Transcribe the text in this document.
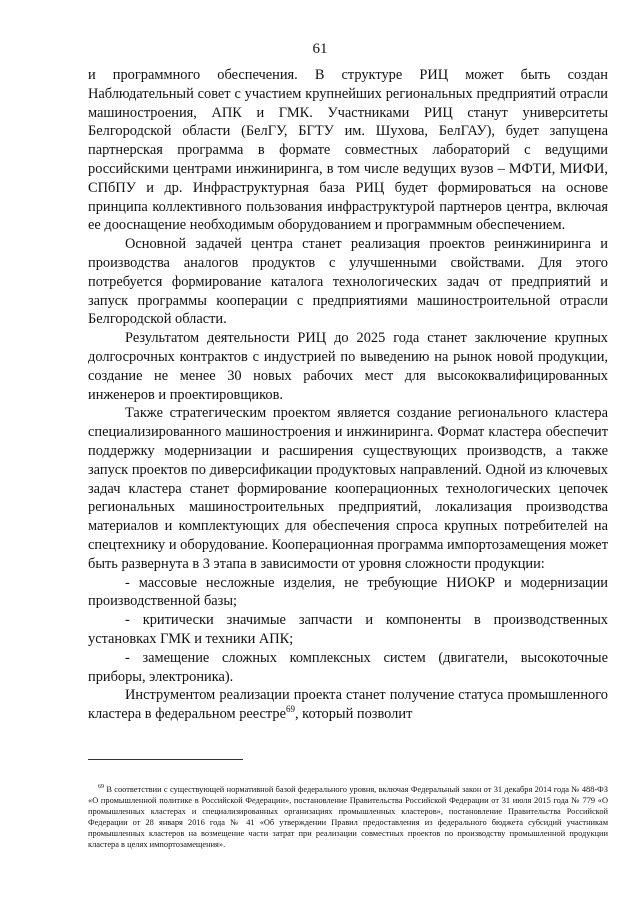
61

и программного обеспечения. В структуре РИЦ может быть создан Наблюдательный совет с участием крупнейших региональных предприятий отрасли машиностроения, АПК и ГМК. Участниками РИЦ станут университеты Белгородской области (БелГУ, БГТУ им. Шухова, БелГАУ), будет запущена партнерская программа в формате совместных лабораторий с ведущими российскими центрами инжиниринга, в том числе ведущих вузов – МФТИ, МИФИ, СПбПУ и др. Инфраструктурная база РИЦ будет формироваться на основе принципа коллективного пользования инфраструктурой партнеров центра, включая ее дооснащение необходимым оборудованием и программным обеспечением.

Основной задачей центра станет реализация проектов реинжиниринга и производства аналогов продуктов с улучшенными свойствами. Для этого потребуется формирование каталога технологических задач от предприятий и запуск программы кооперации с предприятиями машиностроительной отрасли Белгородской области.

Результатом деятельности РИЦ до 2025 года станет заключение крупных долгосрочных контрактов с индустрией по выведению на рынок новой продукции, создание не менее 30 новых рабочих мест для высококвалифицированных инженеров и проектировщиков.

Также стратегическим проектом является создание регионального кластера специализированного машиностроения и инжиниринга. Формат кластера обеспечит поддержку модернизации и расширения существующих производств, а также запуск проектов по диверсификации продуктовых направлений. Одной из ключевых задач кластера станет формирование кооперационных технологических цепочек региональных машиностроительных предприятий, локализация производства материалов и комплектующих для обеспечения спроса крупных потребителей на спецтехнику и оборудование. Кооперационная программа импортозамещения может быть развернута в 3 этапа в зависимости от уровня сложности продукции:

- массовые несложные изделия, не требующие НИОКР и модернизации производственной базы;

- критически значимые запчасти и компоненты в производственных установках ГМК и техники АПК;

- замещение сложных комплексных систем (двигатели, высокоточные приборы, электроника).

Инструментом реализации проекта станет получение статуса промышленного кластера в федеральном реестре$^{69}$, который позволит

$^{69}$ В соответствии с существующей нормативной базой федерального уровня, включая Федеральный закон от 31 декабря 2014 года № 488-ФЗ «О промышленной политике в Российской Федерации», постановление Правительства Российской Федерации от 31 июля 2015 года № 779 «О промышленных кластерах и специализированных организациях промышленных кластеров», постановление Правительства Российской Федерации от 28 января 2016 года № 41 «Об утверждении Правил предоставления из федерального бюджета субсидий участникам промышленных кластеров на возмещение части затрат при реализации совместных проектов по производству промышленной продукции кластера в целях импортозамещения».
